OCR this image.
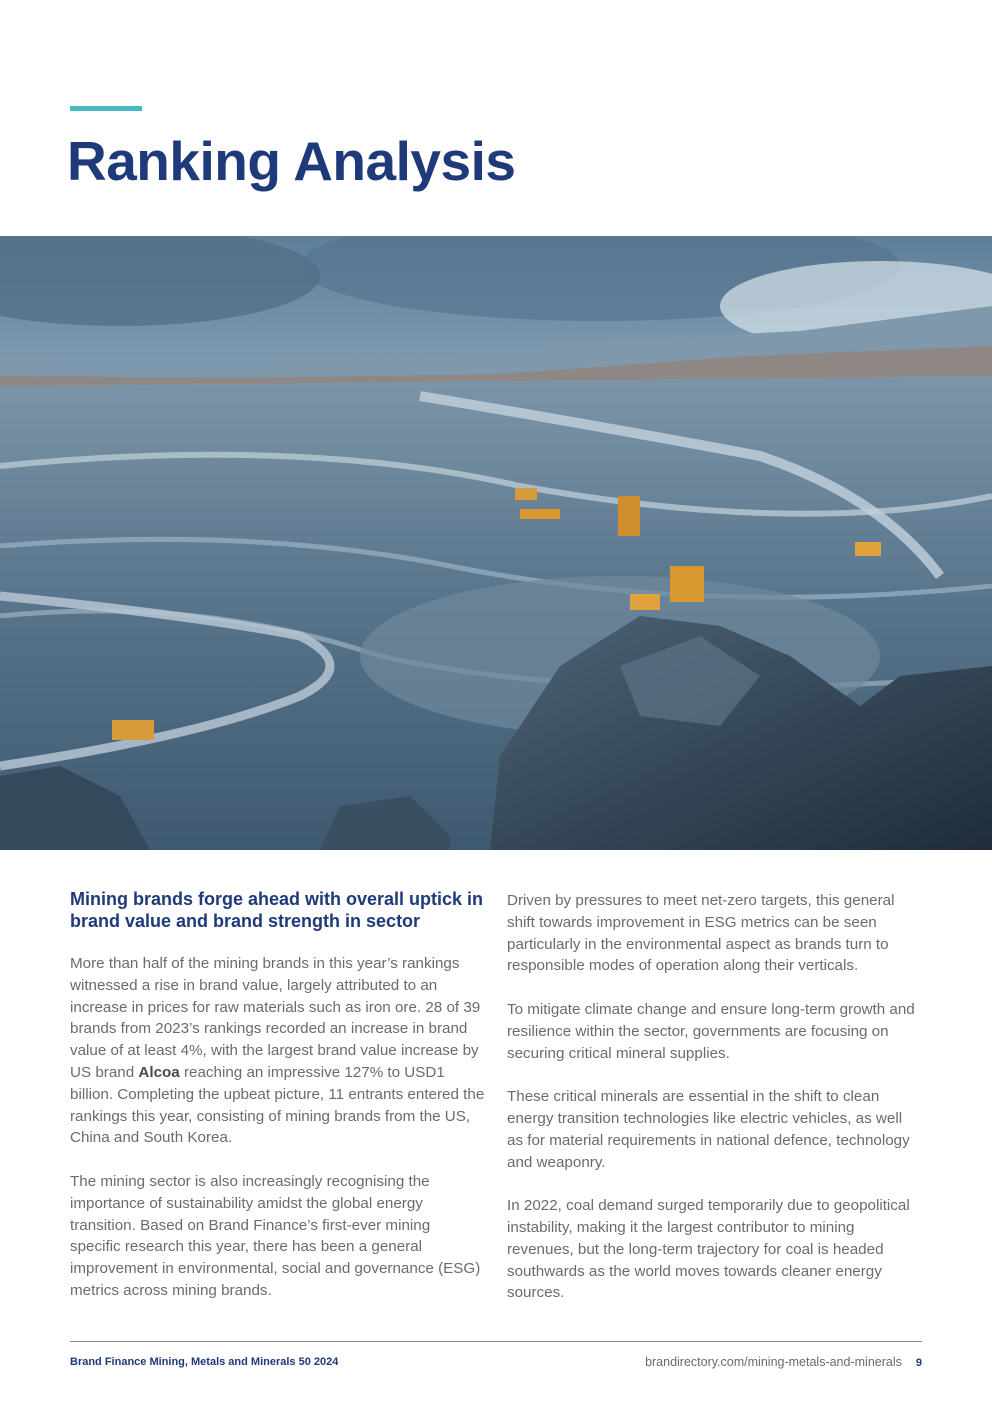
Ranking Analysis
Mining brands forge ahead with overall uptick in brand value and brand strength in sector

More than half of the mining brands in this year’s rankings witnessed a rise in brand value, largely attributed to an increase in prices for raw materials such as iron ore. 28 of 39 brands from 2023’s rankings recorded an increase in brand value of at least 4%, with the largest brand value increase by US brand Alcoa reaching an impressive 127% to USD1 billion. Completing the upbeat picture, 11 entrants entered the rankings this year, consisting of mining brands from the US, China and South Korea.

The mining sector is also increasingly recognising the importance of sustainability amidst the global energy transition. Based on Brand Finance’s first-ever mining specific research this year, there has been a general improvement in environmental, social and governance (ESG) metrics across mining brands.

Driven by pressures to meet net-zero targets, this general shift towards improvement in ESG metrics can be seen particularly in the environmental aspect as brands turn to responsible modes of operation along their verticals.

To mitigate climate change and ensure long-term growth and resilience within the sector, governments are focusing on securing critical mineral supplies.

These critical minerals are essential in the shift to clean energy transition technologies like electric vehicles, as well as for material requirements in national defence, technology and weaponry.

In 2022, coal demand surged temporarily due to geopolitical instability, making it the largest contributor to mining revenues, but the long-term trajectory for coal is headed southwards as the world moves towards cleaner energy sources.

Brand Finance Mining, Metals and Minerals 50 2024	brandirectory.com/mining-metals-and-minerals 9
